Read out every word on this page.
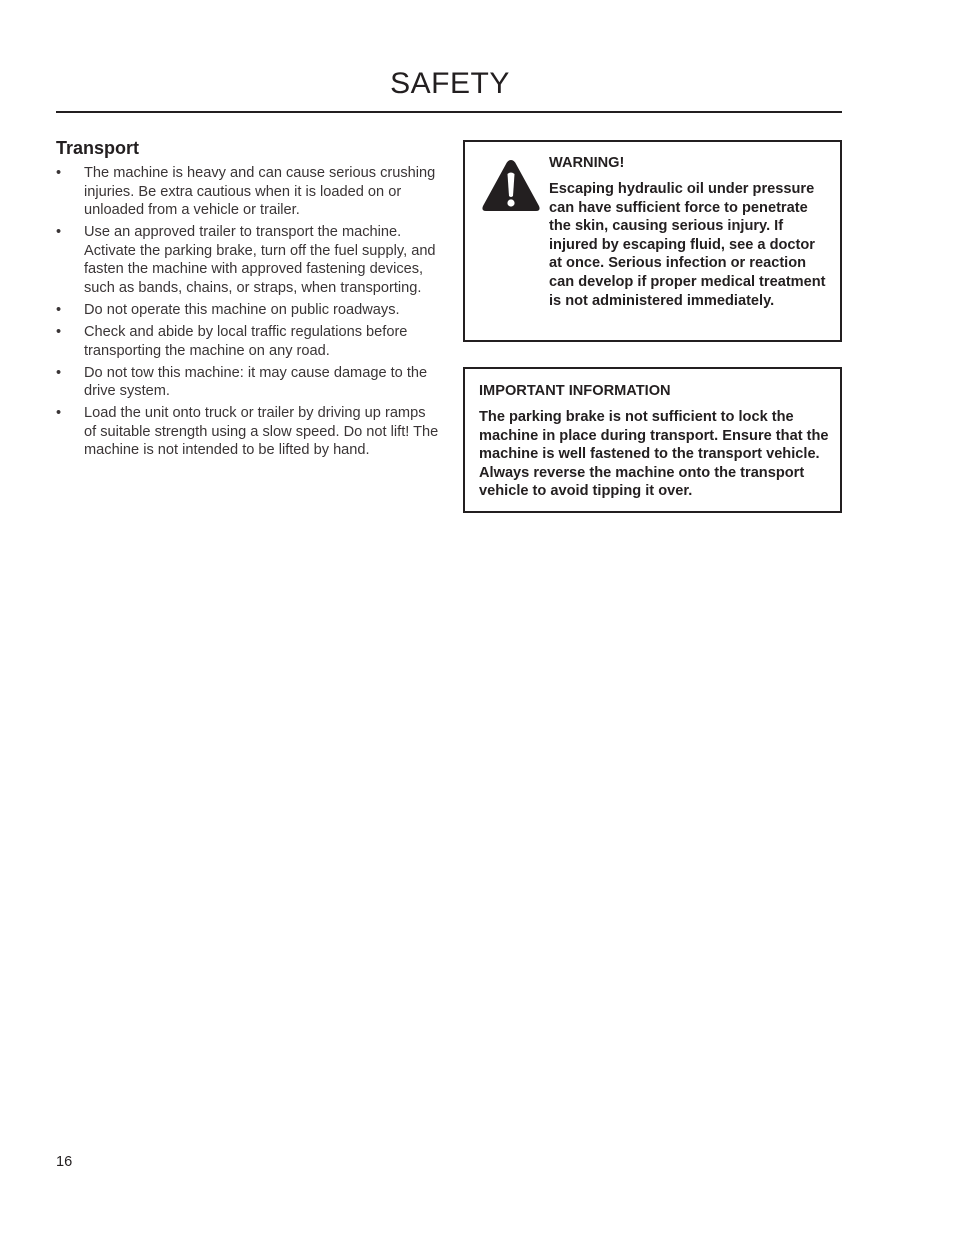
SAFETY
Transport
• The machine is heavy and can cause serious crushing injuries. Be extra cautious when it is loaded on or unloaded from a vehicle or trailer.
• Use an approved trailer to transport the machine. Activate the parking brake, turn off the fuel supply, and fasten the machine with approved fastening devices, such as bands, chains, or straps, when transporting.
• Do not operate this machine on public roadways.
• Check and abide by local traffic regulations before transporting the machine on any road.
• Do not tow this machine: it may cause damage to the drive system.
• Load the unit onto truck or trailer by driving up ramps of suitable strength using a slow speed. Do not lift! The machine is not intended to be lifted by hand.

WARNING!

Escaping hydraulic oil under pressure can have sufficient force to penetrate the skin, causing serious injury. If injured by escaping fluid, see a doctor at once. Serious infection or reaction can develop if proper medical treatment is not administered immediately.

IMPORTANT INFORMATION

The parking brake is not sufficient to lock the machine in place during transport. Ensure that the machine is well fastened to the transport vehicle. Always reverse the machine onto the transport vehicle to avoid tipping it over.

16
